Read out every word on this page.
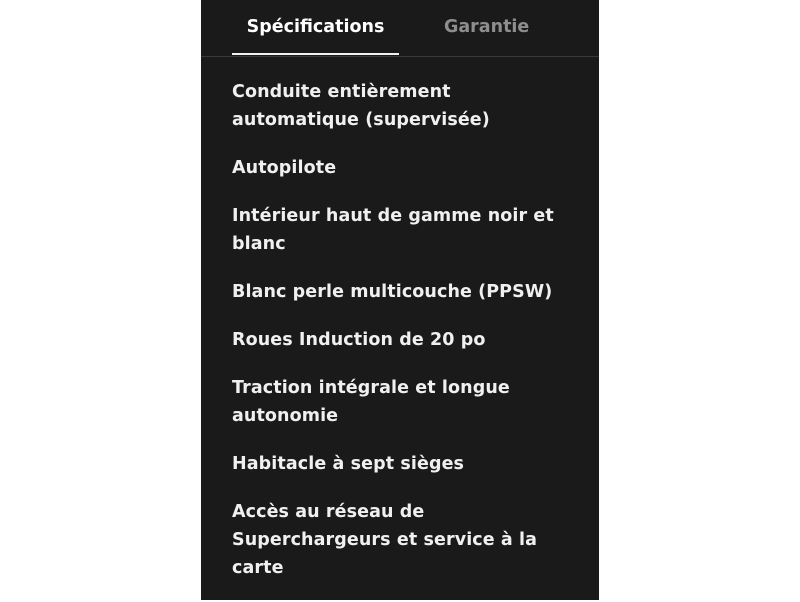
Spécifications	Garantie
Conduite entièrement automatique (supervisée)
Autopilote
Intérieur haut de gamme noir et blanc
Blanc perle multicouche (PPSW)
Roues Induction de 20 po
Traction intégrale et longue autonomie
Habitacle à sept sièges
Accès au réseau de Superchargeurs et service à la carte
